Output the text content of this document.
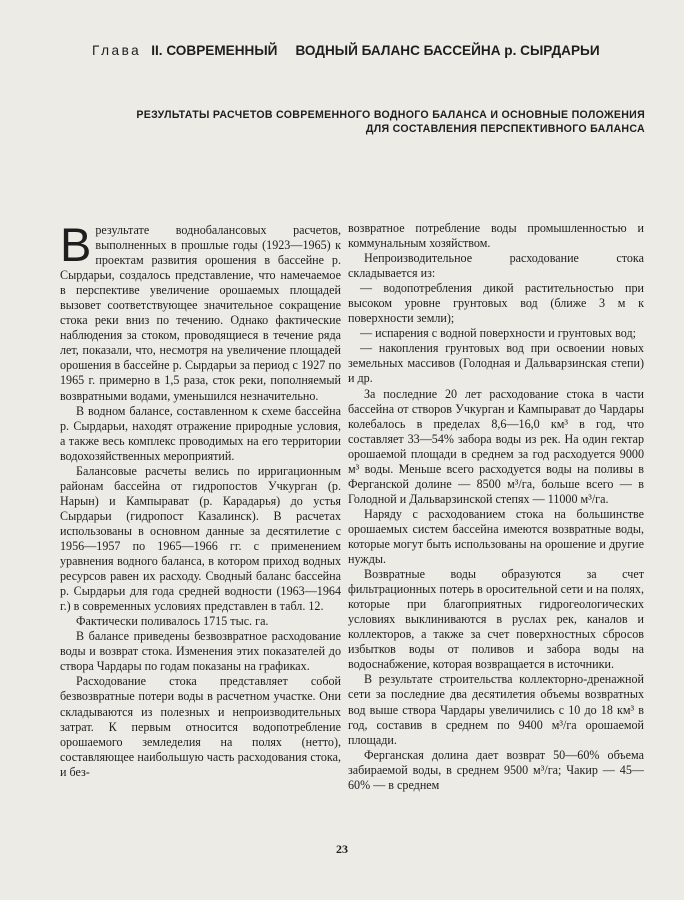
Глава II. СОВРЕМЕННЫЙ ВОДНЫЙ БАЛАНС БАССЕЙНА р. СЫРДАРЬИ
РЕЗУЛЬТАТЫ РАСЧЕТОВ СОВРЕМЕННОГО ВОДНОГО БАЛАНСА И ОСНОВНЫЕ ПОЛОЖЕНИЯ
ДЛЯ СОСТАВЛЕНИЯ ПЕРСПЕКТИВНОГО БАЛАНСА

Врезультате воднобалансовых расчетов, выполненных в прошлые годы (1923—1965) к проектам развития орошения в бассейне р. Сырдарьи, создалось представление, что намечаемое в перспективе увеличение орошаемых площадей вызовет соответствующее значительное сокращение стока реки вниз по течению. Однако фактические наблюдения за стоком, проводящиеся в течение ряда лет, показали, что, несмотря на увеличение площадей орошения в бассейне р. Сырдарьи за период с 1927 по 1965 г. примерно в 1,5 раза, сток реки, пополняемый возвратными водами, уменьшился незначительно.

В водном балансе, составленном к схеме бассейна р. Сырдарьи, находят отражение природные условия, а также весь комплекс проводимых на его территории водохозяйственных мероприятий.

Балансовые расчеты велись по ирригационным районам бассейна от гидропостов Учкурган (р. Нарын) и Кампырават (р. Карадарья) до устья Сырдарьи (гидропост Казалинск). В расчетах использованы в основном данные за десятилетие с 1956—1957 по 1965—1966 гг. с применением уравнения водного баланса, в котором приход водных ресурсов равен их расходу. Сводный баланс бассейна р. Сырдарьи для года средней водности (1963—1964 г.) в современных условиях представлен в табл. 12.

Фактически поливалось 1715 тыс. га.

В балансе приведены безвозвратное расходование воды и возврат стока. Изменения этих показателей до створа Чардары по годам показаны на графиках.

Расходование стока представляет собой безвозвратные потери воды в расчетном участке. Они складываются из полезных и непроизводительных затрат. К первым относится водопотребление орошаемого земледелия на полях (нетто), составляющее наибольшую часть расходования стока, и без-

возвратное потребление воды промышленностью и коммунальным хозяйством.

Непроизводительное расходование стока складывается из:

— водопотребления дикой растительностью при высоком уровне грунтовых вод (ближе 3 м к поверхности земли);

— испарения с водной поверхности и грунтовых вод;

— накопления грунтовых вод при освоении новых земельных массивов (Голодная и Дальварзинская степи) и др.

За последние 20 лет расходование стока в части бассейна от створов Учкурган и Кампырават до Чардары колебалось в пределах 8,6—16,0 км³ в год, что составляет 33—54% забора воды из рек. На один гектар орошаемой площади в среднем за год расходуется 9000 м³ воды. Меньше всего расходуется воды на поливы в Ферганской долине — 8500 м³/га, больше всего — в Голодной и Дальварзинской степях — 11000 м³/га.

Наряду с расходованием стока на большинстве орошаемых систем бассейна имеются возвратные воды, которые могут быть использованы на орошение и другие нужды.

Возвратные воды образуются за счет фильтрационных потерь в оросительной сети и на полях, которые при благоприятных гидрогеологических условиях выклиниваются в руслах рек, каналов и коллекторов, а также за счет поверхностных сбросов избытков воды от поливов и забора воды на водоснабжение, которая возвращается в источники.

В результате строительства коллекторно-дренажной сети за последние два десятилетия объемы возвратных вод выше створа Чардары увеличились с 10 до 18 км³ в год, составив в среднем по 9400 м³/га орошаемой площади.

Ферганская долина дает возврат 50—60% объема забираемой воды, в среднем 9500 м³/га; Чакир — 45—60% — в среднем

23
